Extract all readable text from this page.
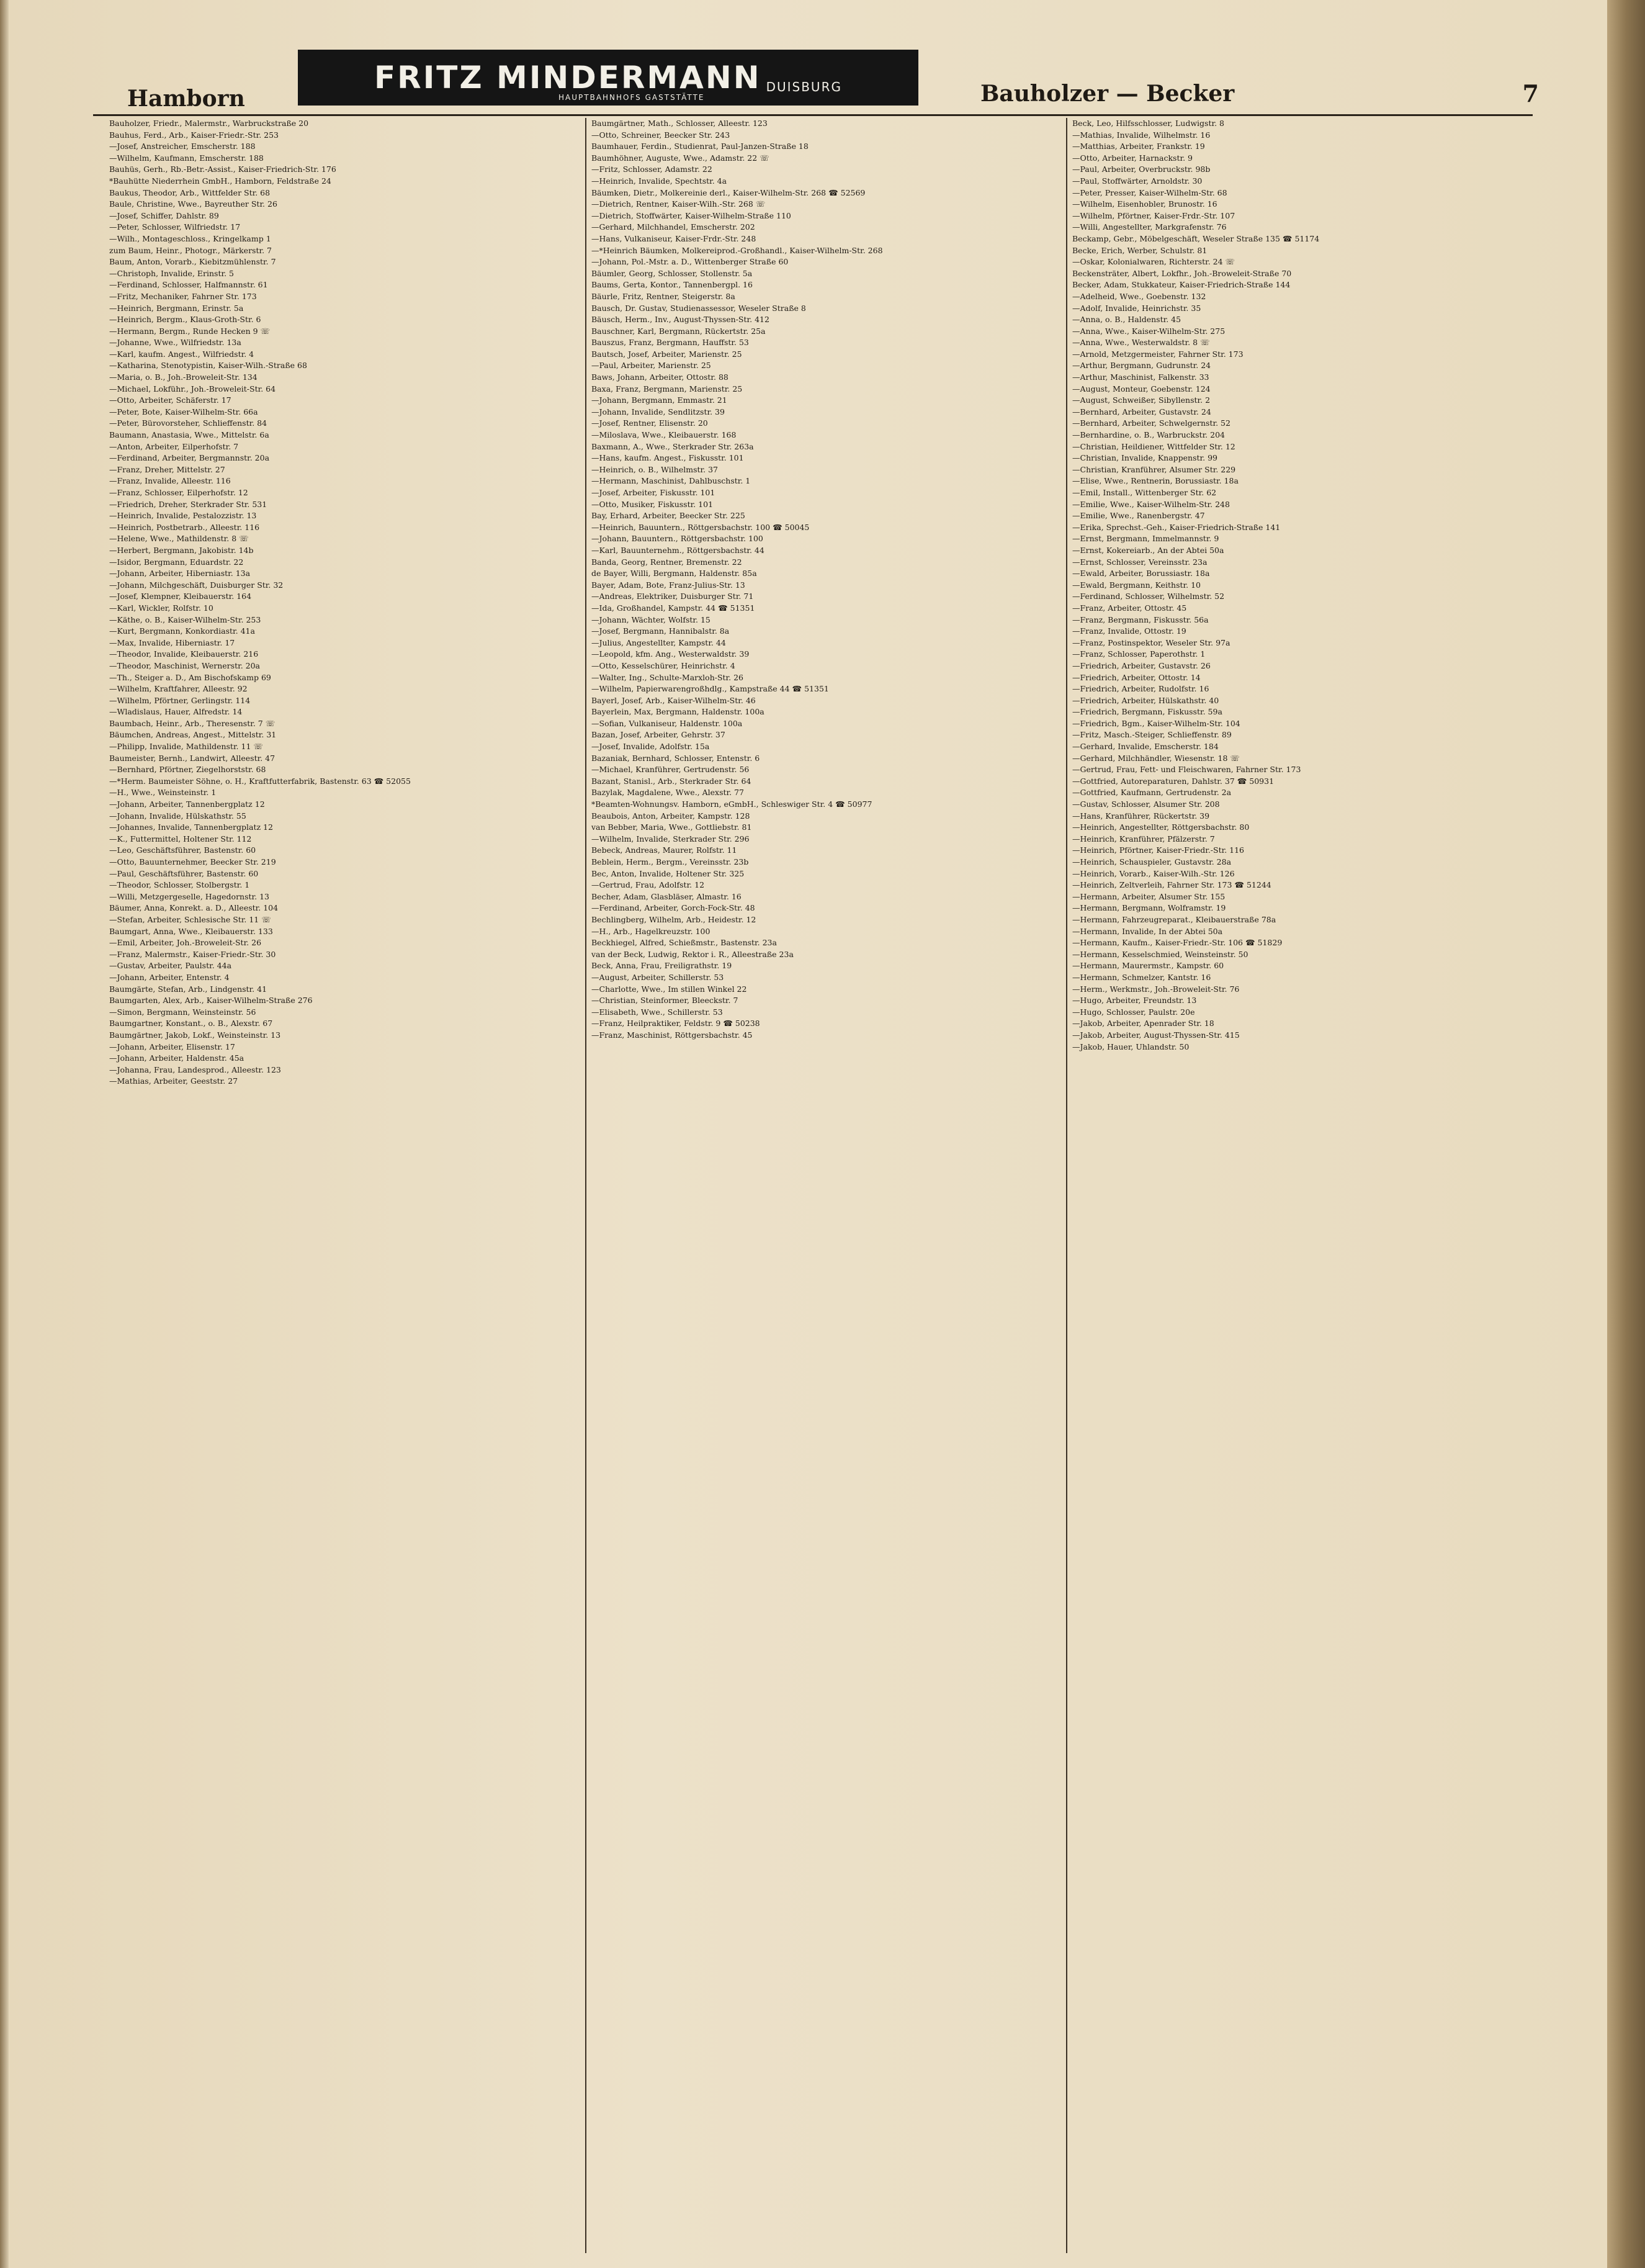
Hamborn
FRITZ MINDERMANN DUISBURG
HAUPTBAHNHOFS GASTSTÄTTE	Bauholzer — Becker	7

Bauholzer, Friedr., Malermstr., Warbruckstraße 20

Bauhus, Ferd., Arb., Kaiser-Friedr.-Str. 253

—Josef, Anstreicher, Emscherstr. 188

—Wilhelm, Kaufmann, Emscherstr. 188

Bauhüs, Gerh., Rb.-Betr.-Assist., Kaiser-Friedrich-Str. 176

*Bauhütte Niederrhein GmbH., Hamborn, Feldstraße 24

Baukus, Theodor, Arb., Wittfelder Str. 68

Baule, Christine, Wwe., Bayreuther Str. 26

—Josef, Schiffer, Dahlstr. 89

—Peter, Schlosser, Wilfriedstr. 17

—Wilh., Montageschloss., Kringelkamp 1

zum Baum, Heinr., Photogr., Märkerstr. 7

Baum, Anton, Vorarb., Kiebitzmühlenstr. 7

—Christoph, Invalide, Erinstr. 5

—Ferdinand, Schlosser, Halfmannstr. 61

—Fritz, Mechaniker, Fahrner Str. 173

—Heinrich, Bergmann, Erinstr. 5a

—Heinrich, Bergm., Klaus-Groth-Str. 6

—Hermann, Bergm., Runde Hecken 9 ☏

—Johanne, Wwe., Wilfriedstr. 13a

—Karl, kaufm. Angest., Wilfriedstr. 4

—Katharina, Stenotypistin, Kaiser-Wilh.-Straße 68

—Maria, o. B., Joh.-Broweleit-Str. 134

—Michael, Lokführ., Joh.-Broweleit-Str. 64

—Otto, Arbeiter, Schäferstr. 17

—Peter, Bote, Kaiser-Wilhelm-Str. 66a

—Peter, Bürovorsteher, Schlieffenstr. 84

Baumann, Anastasia, Wwe., Mittelstr. 6a

—Anton, Arbeiter, Eilperhofstr. 7

—Ferdinand, Arbeiter, Bergmannstr. 20a

—Franz, Dreher, Mittelstr. 27

—Franz, Invalide, Alleestr. 116

—Franz, Schlosser, Eilperhofstr. 12

—Friedrich, Dreher, Sterkrader Str. 531

—Heinrich, Invalide, Pestalozzistr. 13

—Heinrich, Postbetrarb., Alleestr. 116

—Helene, Wwe., Mathildenstr. 8 ☏

—Herbert, Bergmann, Jakobistr. 14b

—Isidor, Bergmann, Eduardstr. 22

—Johann, Arbeiter, Hiberniastr. 13a

—Johann, Milchgeschäft, Duisburger Str. 32

—Josef, Klempner, Kleibauerstr. 164

—Karl, Wickler, Rolfstr. 10

—Käthe, o. B., Kaiser-Wilhelm-Str. 253

—Kurt, Bergmann, Konkordiastr. 41a

—Max, Invalide, Hiberniastr. 17

—Theodor, Invalide, Kleibauerstr. 216

—Theodor, Maschinist, Wernerstr. 20a

—Th., Steiger a. D., Am Bischofskamp 69

—Wilhelm, Kraftfahrer, Alleestr. 92

—Wilhelm, Pförtner, Gerlingstr. 114

—Wladislaus, Hauer, Alfredstr. 14

Baumbach, Heinr., Arb., Theresenstr. 7 ☏

Bäumchen, Andreas, Angest., Mittelstr. 31

—Philipp, Invalide, Mathildenstr. 11 ☏

Baumeister, Bernh., Landwirt, Alleestr. 47

—Bernhard, Pförtner, Ziegelhorststr. 68

—*Herm. Baumeister Söhne, o. H., Kraftfutterfabrik, Bastenstr. 63 ☎ 52055

—H., Wwe., Weinsteinstr. 1

—Johann, Arbeiter, Tannenbergplatz 12

—Johann, Invalide, Hülskathstr. 55

—Johannes, Invalide, Tannenbergplatz 12

—K., Futtermittel, Holtener Str. 112

—Leo, Geschäftsführer, Bastenstr. 60

—Otto, Bauunternehmer, Beecker Str. 219

—Paul, Geschäftsführer, Bastenstr. 60

—Theodor, Schlosser, Stolbergstr. 1

—Willi, Metzgergeselle, Hagedornstr. 13

Bäumer, Anna, Konrekt. a. D., Alleestr. 104

—Stefan, Arbeiter, Schlesische Str. 11 ☏

Baumgart, Anna, Wwe., Kleibauerstr. 133

—Emil, Arbeiter, Joh.-Broweleit-Str. 26

—Franz, Malermstr., Kaiser-Friedr.-Str. 30

—Gustav, Arbeiter, Paulstr. 44a

—Johann, Arbeiter, Entenstr. 4

Baumgärte, Stefan, Arb., Lindgenstr. 41

Baumgarten, Alex, Arb., Kaiser-Wilhelm-Straße 276

—Simon, Bergmann, Weinsteinstr. 56

Baumgartner, Konstant., o. B., Alexstr. 67

Baumgärtner, Jakob, Lokf., Weinsteinstr. 13

—Johann, Arbeiter, Elisenstr. 17

—Johann, Arbeiter, Haldenstr. 45a

—Johanna, Frau, Landesprod., Alleestr. 123

—Mathias, Arbeiter, Geeststr. 27

Baumgärtner, Math., Schlosser, Alleestr. 123

—Otto, Schreiner, Beecker Str. 243

Baumhauer, Ferdin., Studienrat, Paul-Janzen-Straße 18

Baumhöhner, Auguste, Wwe., Adamstr. 22 ☏

—Fritz, Schlosser, Adamstr. 22

—Heinrich, Invalide, Spechtstr. 4a

Bäumken, Dietr., Molkereinie derl., Kaiser-Wilhelm-Str. 268 ☎ 52569

—Dietrich, Rentner, Kaiser-Wilh.-Str. 268 ☏

—Dietrich, Stoffwärter, Kaiser-Wilhelm-Straße 110

—Gerhard, Milchhandel, Emscherstr. 202

—Hans, Vulkaniseur, Kaiser-Frdr.-Str. 248

—*Heinrich Bäumken, Molkereiprod.-Großhandl., Kaiser-Wilhelm-Str. 268

—Johann, Pol.-Mstr. a. D., Wittenberger Straße 60

Bäumler, Georg, Schlosser, Stollenstr. 5a

Baums, Gerta, Kontor., Tannenbergpl. 16

Bäurle, Fritz, Rentner, Steigerstr. 8a

Bausch, Dr. Gustav, Studienassessor, Weseler Straße 8

Bäusch, Herm., Inv., August-Thyssen-Str. 412

Bauschner, Karl, Bergmann, Rückertstr. 25a

Bauszus, Franz, Bergmann, Hauffstr. 53

Bautsch, Josef, Arbeiter, Marienstr. 25

—Paul, Arbeiter, Marienstr. 25

Baws, Johann, Arbeiter, Ottostr. 88

Baxa, Franz, Bergmann, Marienstr. 25

—Johann, Bergmann, Emmastr. 21

—Johann, Invalide, Sendlitzstr. 39

—Josef, Rentner, Elisenstr. 20

—Miloslava, Wwe., Kleibauerstr. 168

Baxmann, A., Wwe., Sterkrader Str. 263a

—Hans, kaufm. Angest., Fiskusstr. 101

—Heinrich, o. B., Wilhelmstr. 37

—Hermann, Maschinist, Dahlbuschstr. 1

—Josef, Arbeiter, Fiskusstr. 101

—Otto, Musiker, Fiskusstr. 101

Bay, Erhard, Arbeiter, Beecker Str. 225

—Heinrich, Bauuntern., Röttgersbachstr. 100 ☎ 50045

—Johann, Bauuntern., Röttgersbachstr. 100

—Karl, Bauunternehm., Röttgersbachstr. 44

Banda, Georg, Rentner, Bremenstr. 22

de Bayer, Willi, Bergmann, Haldenstr. 85a

Bayer, Adam, Bote, Franz-Julius-Str. 13

—Andreas, Elektriker, Duisburger Str. 71

—Ida, Großhandel, Kampstr. 44 ☎ 51351

—Johann, Wächter, Wolfstr. 15

—Josef, Bergmann, Hannibalstr. 8a

—Julius, Angestellter, Kampstr. 44

—Leopold, kfm. Ang., Westerwaldstr. 39

—Otto, Kesselschürer, Heinrichstr. 4

—Walter, Ing., Schulte-Marxloh-Str. 26

—Wilhelm, Papierwarengroßhdlg., Kampstraße 44 ☎ 51351

Bayerl, Josef, Arb., Kaiser-Wilhelm-Str. 46

Bayerlein, Max, Bergmann, Haldenstr. 100a

—Sofian, Vulkaniseur, Haldenstr. 100a

Bazan, Josef, Arbeiter, Gehrstr. 37

—Josef, Invalide, Adolfstr. 15a

Bazaniak, Bernhard, Schlosser, Entenstr. 6

—Michael, Kranführer, Gertrudenstr. 56

Bazant, Stanisl., Arb., Sterkrader Str. 64

Bazylak, Magdalene, Wwe., Alexstr. 77

*Beamten-Wohnungsv. Hamborn, eGmbH., Schleswiger Str. 4 ☎ 50977

Beaubois, Anton, Arbeiter, Kampstr. 128

van Bebber, Maria, Wwe., Gottliebstr. 81

—Wilhelm, Invalide, Sterkrader Str. 296

Bebeck, Andreas, Maurer, Rolfstr. 11

Beblein, Herm., Bergm., Vereinsstr. 23b

Bec, Anton, Invalide, Holtener Str. 325

—Gertrud, Frau, Adolfstr. 12

Becher, Adam, Glasbläser, Almastr. 16

—Ferdinand, Arbeiter, Gorch-Fock-Str. 48

Bechlingberg, Wilhelm, Arb., Heidestr. 12

—H., Arb., Hagelkreuzstr. 100

Beckhiegel, Alfred, Schießmstr., Bastenstr. 23a

van der Beck, Ludwig, Rektor i. R., Alleestraße 23a

Beck, Anna, Frau, Freiligrathstr. 19

—August, Arbeiter, Schillerstr. 53

—Charlotte, Wwe., Im stillen Winkel 22

—Christian, Steinformer, Bleeckstr. 7

—Elisabeth, Wwe., Schillerstr. 53

—Franz, Heilpraktiker, Feldstr. 9 ☎ 50238

—Franz, Maschinist, Röttgersbachstr. 45

Beck, Leo, Hilfsschlosser, Ludwigstr. 8

—Mathias, Invalide, Wilhelmstr. 16

—Matthias, Arbeiter, Frankstr. 19

—Otto, Arbeiter, Harnackstr. 9

—Paul, Arbeiter, Overbruckstr. 98b

—Paul, Stoffwärter, Arnoldstr. 30

—Peter, Presser, Kaiser-Wilhelm-Str. 68

—Wilhelm, Eisenhobler, Brunostr. 16

—Wilhelm, Pförtner, Kaiser-Frdr.-Str. 107

—Willi, Angestellter, Markgrafenstr. 76

Beckamp, Gebr., Möbelgeschäft, Weseler Straße 135 ☎ 51174

Becke, Erich, Werber, Schulstr. 81

—Oskar, Kolonialwaren, Richterstr. 24 ☏

Beckensträter, Albert, Lokfhr., Joh.-Broweleit-Straße 70

Becker, Adam, Stukkateur, Kaiser-Friedrich-Straße 144

—Adelheid, Wwe., Goebenstr. 132

—Adolf, Invalide, Heinrichstr. 35

—Anna, o. B., Haldenstr. 45

—Anna, Wwe., Kaiser-Wilhelm-Str. 275

—Anna, Wwe., Westerwaldstr. 8 ☏

—Arnold, Metzgermeister, Fahrner Str. 173

—Arthur, Bergmann, Gudrunstr. 24

—Arthur, Maschinist, Falkenstr. 33

—August, Monteur, Goebenstr. 124

—August, Schweißer, Sibyllenstr. 2

—Bernhard, Arbeiter, Gustavstr. 24

—Bernhard, Arbeiter, Schwelgernstr. 52

—Bernhardine, o. B., Warbruckstr. 204

—Christian, Heildiener, Wittfelder Str. 12

—Christian, Invalide, Knappenstr. 99

—Christian, Kranführer, Alsumer Str. 229

—Elise, Wwe., Rentnerin, Borussiastr. 18a

—Emil, Install., Wittenberger Str. 62

—Emilie, Wwe., Kaiser-Wilhelm-Str. 248

—Emilie, Wwe., Ranenbergstr. 47

—Erika, Sprechst.-Geh., Kaiser-Friedrich-Straße 141

—Ernst, Bergmann, Immelmannstr. 9

—Ernst, Kokereiarb., An der Abtei 50a

—Ernst, Schlosser, Vereinsstr. 23a

—Ewald, Arbeiter, Borussiastr. 18a

—Ewald, Bergmann, Keithstr. 10

—Ferdinand, Schlosser, Wilhelmstr. 52

—Franz, Arbeiter, Ottostr. 45

—Franz, Bergmann, Fiskusstr. 56a

—Franz, Invalide, Ottostr. 19

—Franz, Postinspektor, Weseler Str. 97a

—Franz, Schlosser, Paperothstr. 1

—Friedrich, Arbeiter, Gustavstr. 26

—Friedrich, Arbeiter, Ottostr. 14

—Friedrich, Arbeiter, Rudolfstr. 16

—Friedrich, Arbeiter, Hülskathstr. 40

—Friedrich, Bergmann, Fiskusstr. 59a

—Friedrich, Bgm., Kaiser-Wilhelm-Str. 104

—Fritz, Masch.-Steiger, Schlieffenstr. 89

—Gerhard, Invalide, Emscherstr. 184

—Gerhard, Milchhändler, Wiesenstr. 18 ☏

—Gertrud, Frau, Fett- und Fleischwaren, Fahrner Str. 173

—Gottfried, Autoreparaturen, Dahlstr. 37 ☎ 50931

—Gottfried, Kaufmann, Gertrudenstr. 2a

—Gustav, Schlosser, Alsumer Str. 208

—Hans, Kranführer, Rückertstr. 39

—Heinrich, Angestellter, Röttgersbachstr. 80

—Heinrich, Kranführer, Pfälzerstr. 7

—Heinrich, Pförtner, Kaiser-Friedr.-Str. 116

—Heinrich, Schauspieler, Gustavstr. 28a

—Heinrich, Vorarb., Kaiser-Wilh.-Str. 126

—Heinrich, Zeltverleih, Fahrner Str. 173 ☎ 51244

—Hermann, Arbeiter, Alsumer Str. 155

—Hermann, Bergmann, Wolframstr. 19

—Hermann, Fahrzeugreparat., Kleibauerstraße 78a

—Hermann, Invalide, In der Abtei 50a

—Hermann, Kaufm., Kaiser-Friedr.-Str. 106 ☎ 51829

—Hermann, Kesselschmied, Weinsteinstr. 50

—Hermann, Maurermstr., Kampstr. 60

—Hermann, Schmelzer, Kantstr. 16

—Herm., Werkmstr., Joh.-Broweleit-Str. 76

—Hugo, Arbeiter, Freundstr. 13

—Hugo, Schlosser, Paulstr. 20e

—Jakob, Arbeiter, Apenrader Str. 18

—Jakob, Arbeiter, August-Thyssen-Str. 415

—Jakob, Hauer, Uhlandstr. 50
